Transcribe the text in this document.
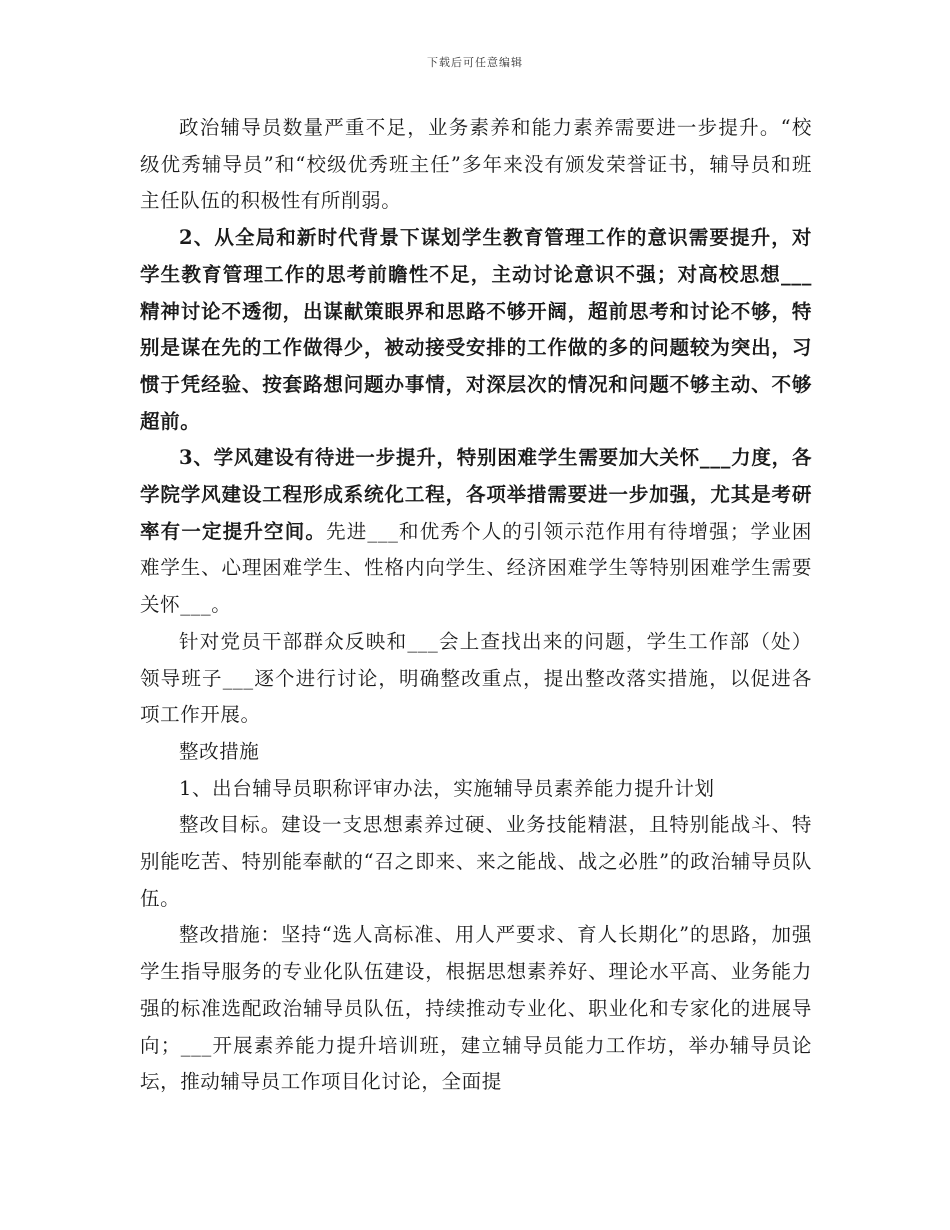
下载后可任意编辑

政治辅导员数量严重不足，业务素养和能力素养需要进一步提升。“校级优秀辅导员”和“校级优秀班主任”多年来没有颁发荣誉证书，辅导员和班主任队伍的积极性有所削弱。

2、从全局和新时代背景下谋划学生教育管理工作的意识需要提升，对学生教育管理工作的思考前瞻性不足，主动讨论意识不强；对高校思想___精神讨论不透彻，出谋献策眼界和思路不够开阔，超前思考和讨论不够，特别是谋在先的工作做得少，被动接受安排的工作做的多的问题较为突出，习惯于凭经验、按套路想问题办事情，对深层次的情况和问题不够主动、不够超前。

3、学风建设有待进一步提升，特别困难学生需要加大关怀___力度，各学院学风建设工程形成系统化工程，各项举措需要进一步加强，尤其是考研率有一定提升空间。先进___和优秀个人的引领示范作用有待增强；学业困难学生、心理困难学生、性格内向学生、经济困难学生等特别困难学生需要关怀___。

针对党员干部群众反映和___会上查找出来的问题，学生工作部（处）领导班子___逐个进行讨论，明确整改重点，提出整改落实措施，以促进各项工作开展。

整改措施

1、出台辅导员职称评审办法，实施辅导员素养能力提升计划

整改目标。建设一支思想素养过硬、业务技能精湛，且特别能战斗、特别能吃苦、特别能奉献的“召之即来、来之能战、战之必胜”的政治辅导员队伍。

整改措施：坚持“选人高标准、用人严要求、育人长期化”的思路，加强学生指导服务的专业化队伍建设，根据思想素养好、理论水平高、业务能力强的标准选配政治辅导员队伍，持续推动专业化、职业化和专家化的进展导向；___开展素养能力提升培训班，建立辅导员能力工作坊，举办辅导员论坛，推动辅导员工作项目化讨论，全面提
